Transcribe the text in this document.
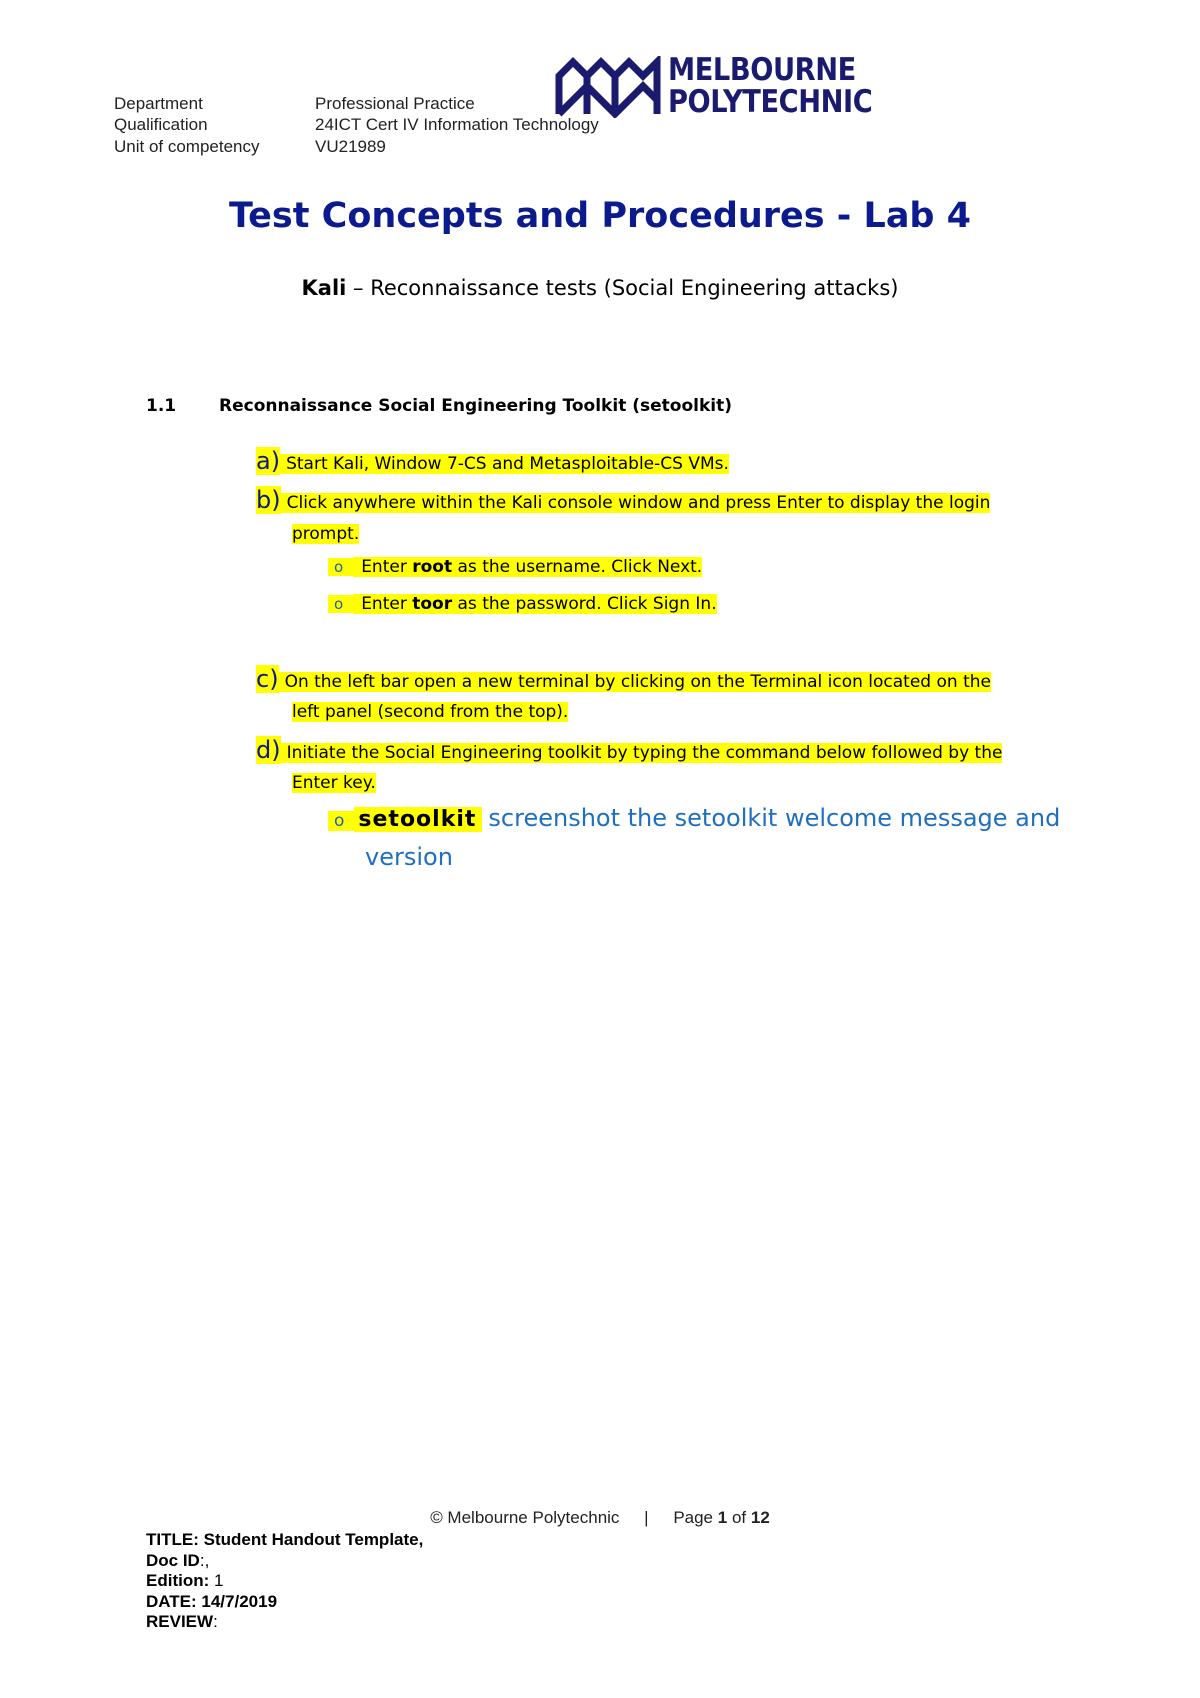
Department	Professional Practice
Qualification	24ICT Cert IV Information Technology
Unit of competency	VU21989
MELBOURNE
POLYTECHNIC
Test Concepts and Procedures - Lab 4
Kali – Reconnaissance tests (Social Engineering attacks)
1.1	Reconnaissance Social Engineering Toolkit (setoolkit)
a) Start Kali, Window 7-CS and Metasploitable-CS VMs.
b) Click anywhere within the Kali console window and press Enter to display the login
prompt.
o Enter root as the username. Click Next.
o Enter toor as the password. Click Sign In.
c) On the left bar open a new terminal by clicking on the Terminal icon located on the
left panel (second from the top).
d) Initiate the Social Engineering toolkit by typing the command below followed by the
Enter key.
o setoolkit screenshot the setoolkit welcome message and
version
© Melbourne Polytechnic | Page 1 of 12
TITLE: Student Handout Template,
Doc ID:,
Edition: 1
DATE: 14/7/2019
REVIEW:
